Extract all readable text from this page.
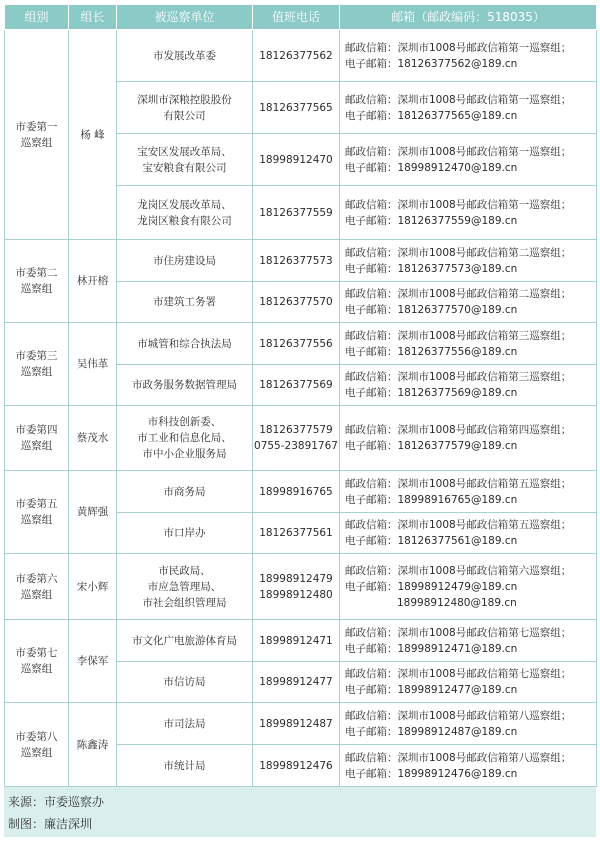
组别	组长	被巡察单位	值班电话	邮箱（邮政编码：518035）

市委第一
巡察组	杨 峰	市发展改革委	18126377562	邮政信箱：深圳市1008号邮政信箱第一巡察组；
电子邮箱：18126377562@189.cn

		深圳市深粮控股股份
有限公司	18126377565	邮政信箱：深圳市1008号邮政信箱第一巡察组；
电子邮箱：18126377565@189.cn

		宝安区发展改革局、
宝安粮食有限公司	18998912470	邮政信箱：深圳市1008号邮政信箱第一巡察组；
电子邮箱：18998912470@189.cn

		龙岗区发展改革局、
龙岗区粮食有限公司	18126377559	邮政信箱：深圳市1008号邮政信箱第一巡察组；
电子邮箱：18126377559@189.cn

市委第二
巡察组	林开榕	市住房建设局	18126377573	邮政信箱：深圳市1008号邮政信箱第二巡察组；
电子邮箱：18126377573@189.cn

		市建筑工务署	18126377570	邮政信箱：深圳市1008号邮政信箱第二巡察组；
电子邮箱：18126377570@189.cn

市委第三
巡察组	吴伟革	市城管和综合执法局	18126377556	邮政信箱：深圳市1008号邮政信箱第三巡察组；
电子邮箱：18126377556@189.cn

		市政务服务数据管理局	18126377569	邮政信箱：深圳市1008号邮政信箱第三巡察组；
电子邮箱：18126377569@189.cn

市委第四
巡察组	蔡茂水	市科技创新委、
市工业和信息化局、
市中小企业服务局	18126377579
0755-23891767	邮政信箱：深圳市1008号邮政信箱第四巡察组；
电子邮箱：18126377579@189.cn

市委第五
巡察组	黄辉强	市商务局	18998916765	邮政信箱：深圳市1008号邮政信箱第五巡察组；
电子邮箱：18998916765@189.cn

		市口岸办	18126377561	邮政信箱：深圳市1008号邮政信箱第五巡察组；
电子邮箱：18126377561@189.cn

市委第六
巡察组	宋小辉	市民政局、
市应急管理局、
市社会组织管理局	18998912479
18998912480	邮政信箱：深圳市1008号邮政信箱第六巡察组；
电子邮箱：18998912479@189.cn
18998912480@189.cn

市委第七
巡察组	李保军	市文化广电旅游体育局	18998912471	邮政信箱：深圳市1008号邮政信箱第七巡察组；
电子邮箱：18998912471@189.cn

		市信访局	18998912477	邮政信箱：深圳市1008号邮政信箱第七巡察组；
电子邮箱：18998912477@189.cn

市委第八
巡察组	陈鑫涛	市司法局	18998912487	邮政信箱：深圳市1008号邮政信箱第八巡察组；
电子邮箱：18998912487@189.cn

		市统计局	18998912476	邮政信箱：深圳市1008号邮政信箱第八巡察组；
电子邮箱：18998912476@189.cn
来源：市委巡察办
制图：廉洁深圳
